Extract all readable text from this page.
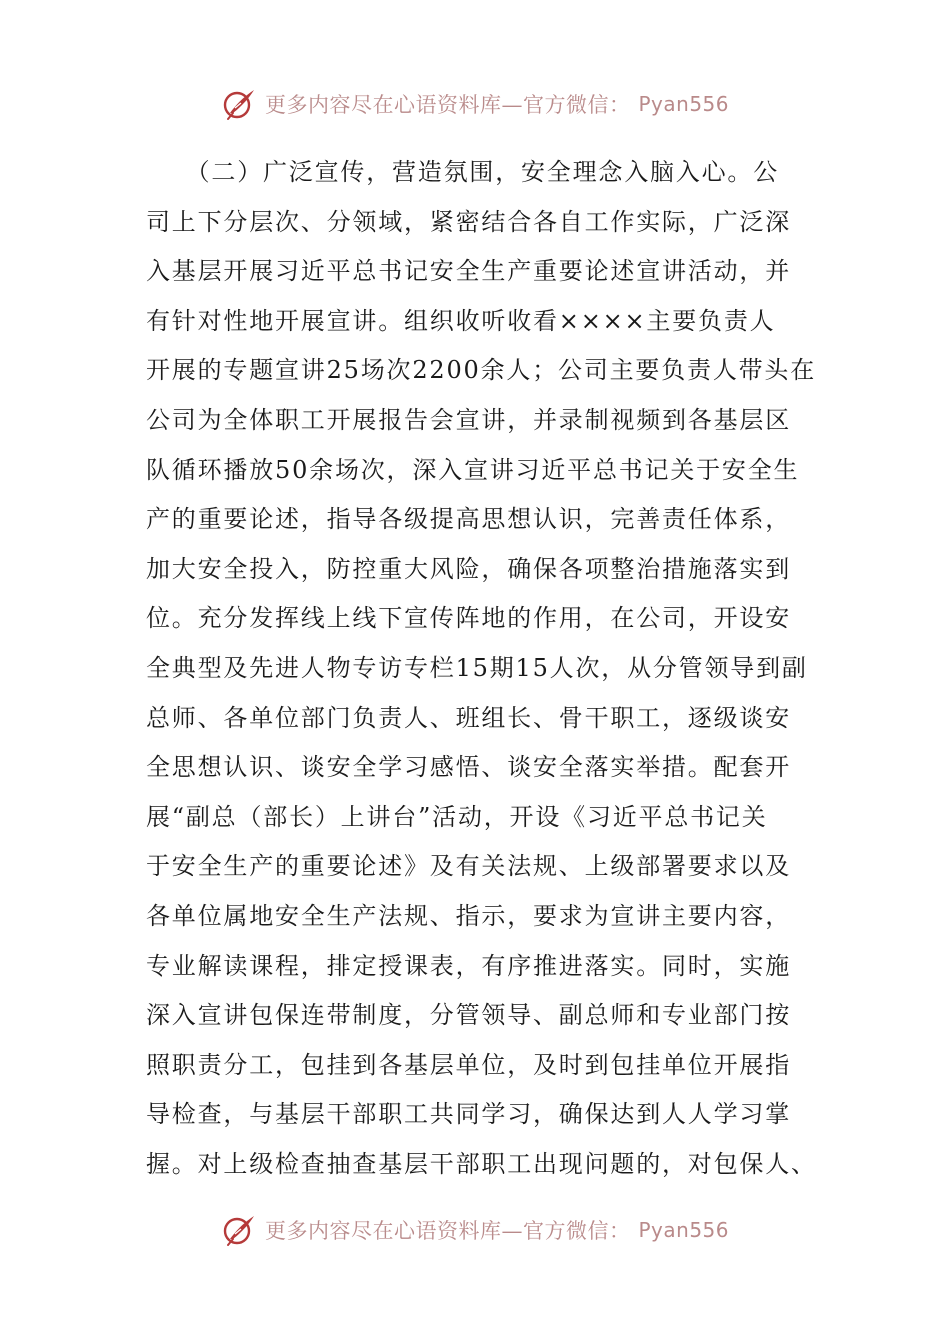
更多内容尽在心语资料库—官方微信： Pyan556
　　（二）广泛宣传，营造氛围，安全理念入脑入心。公
司上下分层次、分领域，紧密结合各自工作实际，广泛深
入基层开展习近平总书记安全生产重要论述宣讲活动，并
有针对性地开展宣讲。组织收听收看××××主要负责人
开展的专题宣讲25场次2200余人；公司主要负责人带头在
公司为全体职工开展报告会宣讲，并录制视频到各基层区
队循环播放50余场次，深入宣讲习近平总书记关于安全生
产的重要论述，指导各级提高思想认识，完善责任体系，
加大安全投入，防控重大风险，确保各项整治措施落实到
位。充分发挥线上线下宣传阵地的作用，在公司，开设安
全典型及先进人物专访专栏15期15人次，从分管领导到副
总师、各单位部门负责人、班组长、骨干职工，逐级谈安
全思想认识、谈安全学习感悟、谈安全落实举措。配套开
展“副总（部长）上讲台”活动，开设《习近平总书记关
于安全生产的重要论述》及有关法规、上级部署要求以及
各单位属地安全生产法规、指示，要求为宣讲主要内容，
专业解读课程，排定授课表，有序推进落实。同时，实施
深入宣讲包保连带制度，分管领导、副总师和专业部门按
照职责分工，包挂到各基层单位，及时到包挂单位开展指
导检查，与基层干部职工共同学习，确保达到人人学习掌
握。对上级检查抽查基层干部职工出现问题的，对包保人、
更多内容尽在心语资料库—官方微信： Pyan556
